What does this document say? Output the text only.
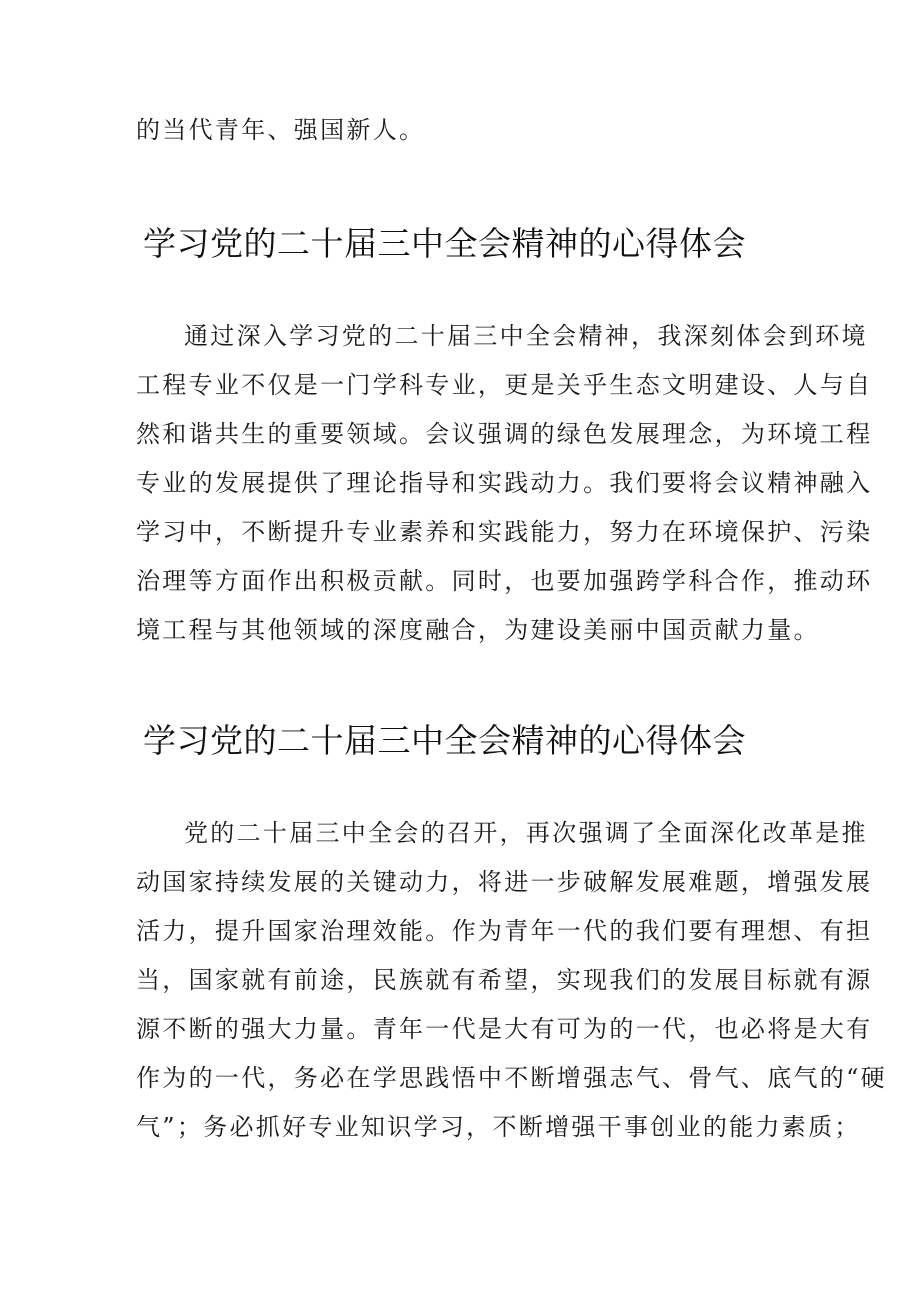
的当代青年、强国新人。
学习党的二十届三中全会精神的心得体会
通过深入学习党的二十届三中全会精神，我深刻体会到环境
工程专业不仅是一门学科专业，更是关乎生态文明建设、人与自
然和谐共生的重要领域。会议强调的绿色发展理念，为环境工程
专业的发展提供了理论指导和实践动力。我们要将会议精神融入
学习中，不断提升专业素养和实践能力，努力在环境保护、污染
治理等方面作出积极贡献。同时，也要加强跨学科合作，推动环
境工程与其他领域的深度融合，为建设美丽中国贡献力量。
学习党的二十届三中全会精神的心得体会
党的二十届三中全会的召开，再次强调了全面深化改革是推
动国家持续发展的关键动力，将进一步破解发展难题，增强发展
活力，提升国家治理效能。作为青年一代的我们要有理想、有担
当，国家就有前途，民族就有希望，实现我们的发展目标就有源
源不断的强大力量。青年一代是大有可为的一代，也必将是大有
作为的一代，务必在学思践悟中不断增强志气、骨气、底气的“硬
气”；务必抓好专业知识学习，不断增强干事创业的能力素质；
